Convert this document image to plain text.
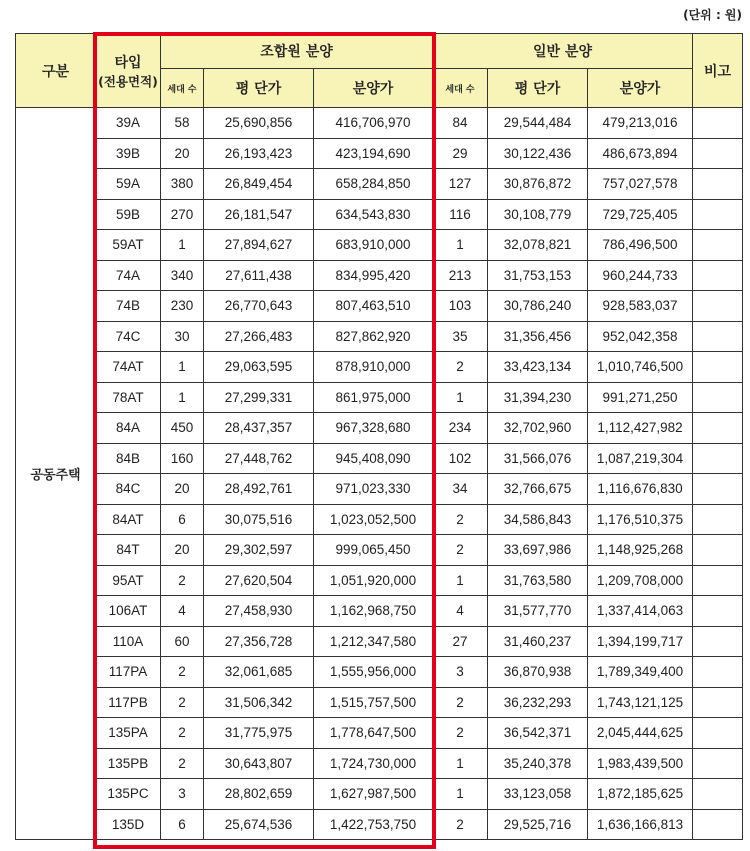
(단위 : 원)
구분	타입
(전용면적)	조합원 분양			일반 분양			비고
		세대 수	평 단가	분양가	세대 수	평 단가	분양가	
공동주택	39A	58	25,690,856	416,706,970	84	29,544,484	479,213,016	
	39B	20	26,193,423	423,194,690	29	30,122,436	486,673,894	
	59A	380	26,849,454	658,284,850	127	30,876,872	757,027,578	
	59B	270	26,181,547	634,543,830	116	30,108,779	729,725,405	
	59AT	1	27,894,627	683,910,000	1	32,078,821	786,496,500	
	74A	340	27,611,438	834,995,420	213	31,753,153	960,244,733	
	74B	230	26,770,643	807,463,510	103	30,786,240	928,583,037	
	74C	30	27,266,483	827,862,920	35	31,356,456	952,042,358	
	74AT	1	29,063,595	878,910,000	2	33,423,134	1,010,746,500	
	78AT	1	27,299,331	861,975,000	1	31,394,230	991,271,250	
	84A	450	28,437,357	967,328,680	234	32,702,960	1,112,427,982	
	84B	160	27,448,762	945,408,090	102	31,566,076	1,087,219,304	
	84C	20	28,492,761	971,023,330	34	32,766,675	1,116,676,830	
	84AT	6	30,075,516	1,023,052,500	2	34,586,843	1,176,510,375	
	84T	20	29,302,597	999,065,450	2	33,697,986	1,148,925,268	
	95AT	2	27,620,504	1,051,920,000	1	31,763,580	1,209,708,000	
	106AT	4	27,458,930	1,162,968,750	4	31,577,770	1,337,414,063	
	110A	60	27,356,728	1,212,347,580	27	31,460,237	1,394,199,717	
	117PA	2	32,061,685	1,555,956,000	3	36,870,938	1,789,349,400	
	117PB	2	31,506,342	1,515,757,500	2	36,232,293	1,743,121,125	
	135PA	2	31,775,975	1,778,647,500	2	36,542,371	2,045,444,625	
	135PB	2	30,643,807	1,724,730,000	1	35,240,378	1,983,439,500	
	135PC	3	28,802,659	1,627,987,500	1	33,123,058	1,872,185,625	
	135D	6	25,674,536	1,422,753,750	2	29,525,716	1,636,166,813	
